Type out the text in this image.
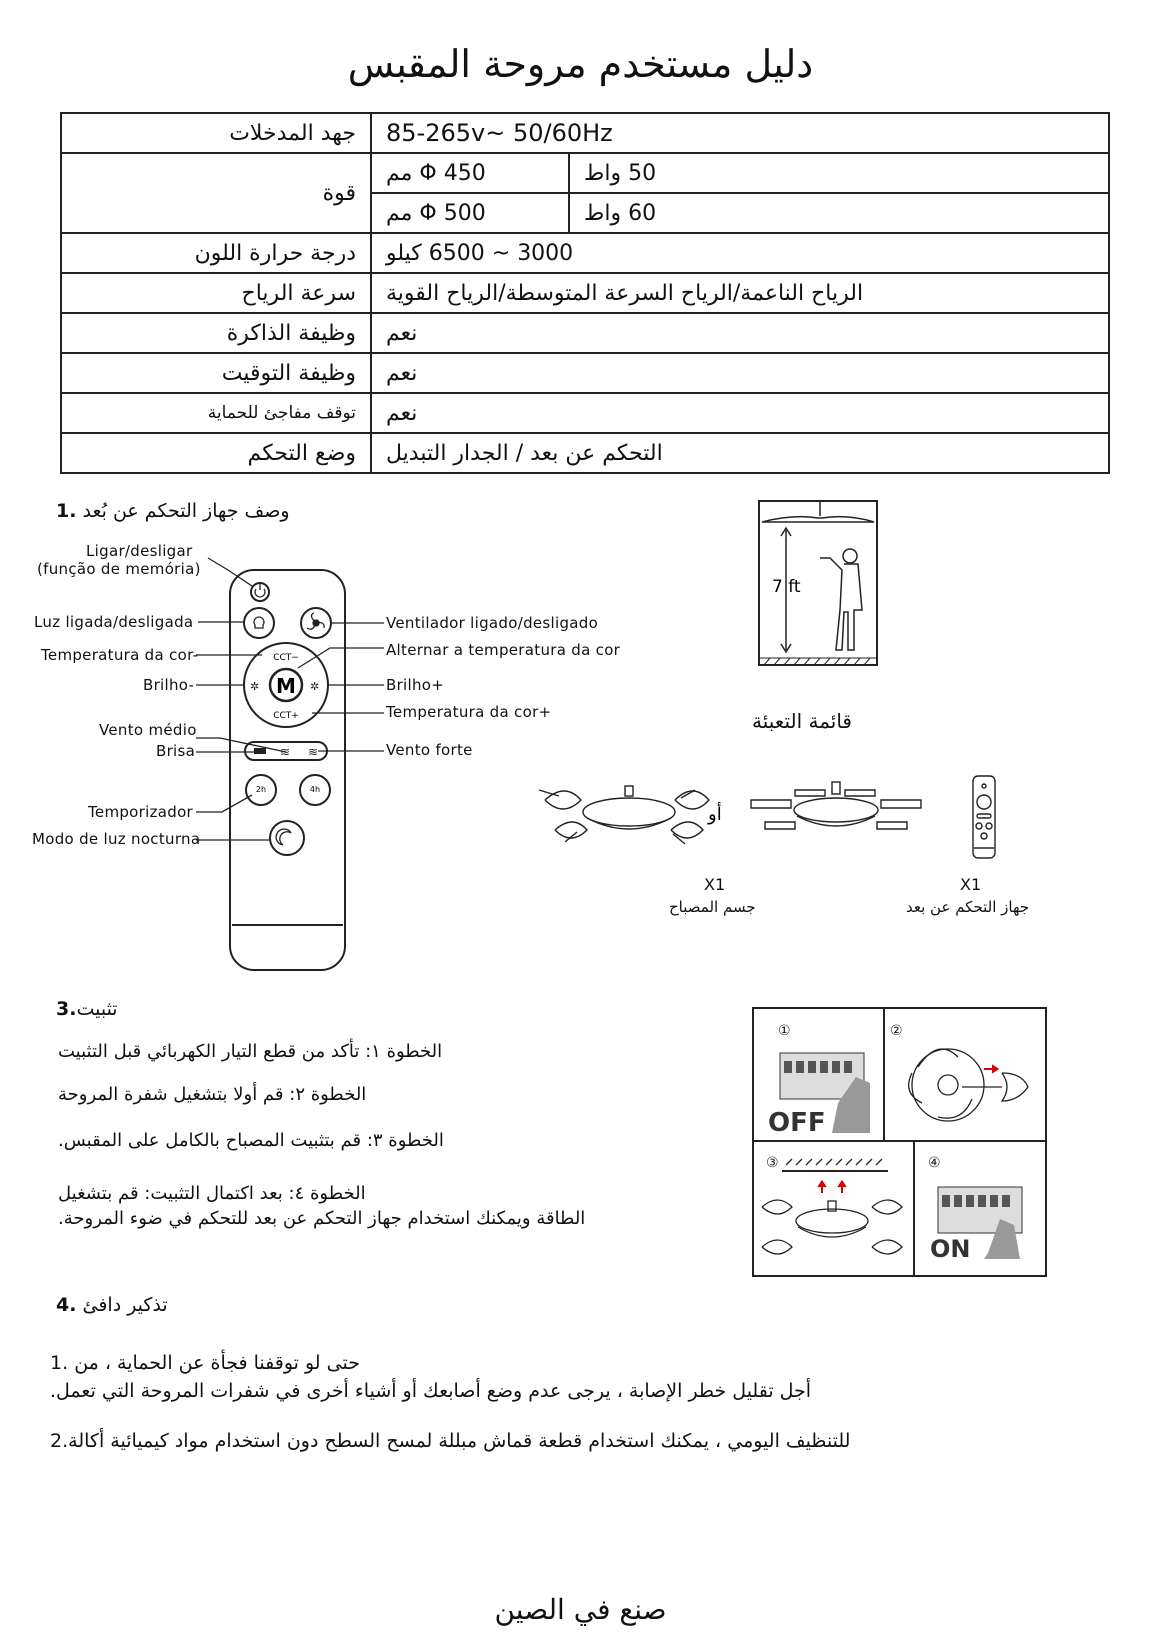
دليل مستخدم مروحة المقبس
جهد المدخلات	85-265v~ 50/60Hz	
قوة	Φ 450 مم	50 واط
	Φ 500 مم	60 واط
درجة حرارة اللون	3000 ~ 6500 كيلو	
سرعة الرياح	الرياح الناعمة/الرياح السرعة المتوسطة/الرياح القوية	
وظيفة الذاكرة	نعم	
وظيفة التوقيت	نعم	
توقف مفاجئ للحماية	نعم	
وضع التحكم	التحكم عن بعد / الجدار التبديل	
1. وصف جهاز التحكم عن بُعد
≋ ≋
✲	✲
CCT−
CCT+
M
2h	4h
Ligar/desligar
(função de memória)
Luz ligada/desligada	Ventilador ligado/desligado
Temperatura da cor-	Alternar a temperatura da cor
Brilho-	Brilho+
Temperatura da cor+
Vento médio
Brisa	Vento forte
Temporizador
Modo de luz nocturna
7 ft
قائمة التعبئة
أو
X1
جسم المصباح
X1
جهاز التحكم عن بعد
3.تثبيت
الخطوة ١: تأكد من قطع التيار الكهربائي قبل التثبيت
الخطوة ٢: قم أولا بتشغيل شفرة المروحة
الخطوة ٣: قم بتثبيت المصباح بالكامل على المقبس.
الخطوة ٤: بعد اكتمال التثبيت: قم بتشغيل
الطاقة ويمكنك استخدام جهاز التحكم عن بعد للتحكم في ضوء المروحة.
①	②
③	④
OFF
ON
4. تذكير دافئ
حتى لو توقفنا فجأة عن الحماية ، من 1.
أجل تقليل خطر الإصابة ، يرجى عدم وضع أصابعك أو أشياء أخرى في شفرات المروحة التي تعمل.
للتنظيف اليومي ، يمكنك استخدام قطعة قماش مبللة لمسح السطح دون استخدام مواد كيميائية أكالة2.
صنع في الصين
